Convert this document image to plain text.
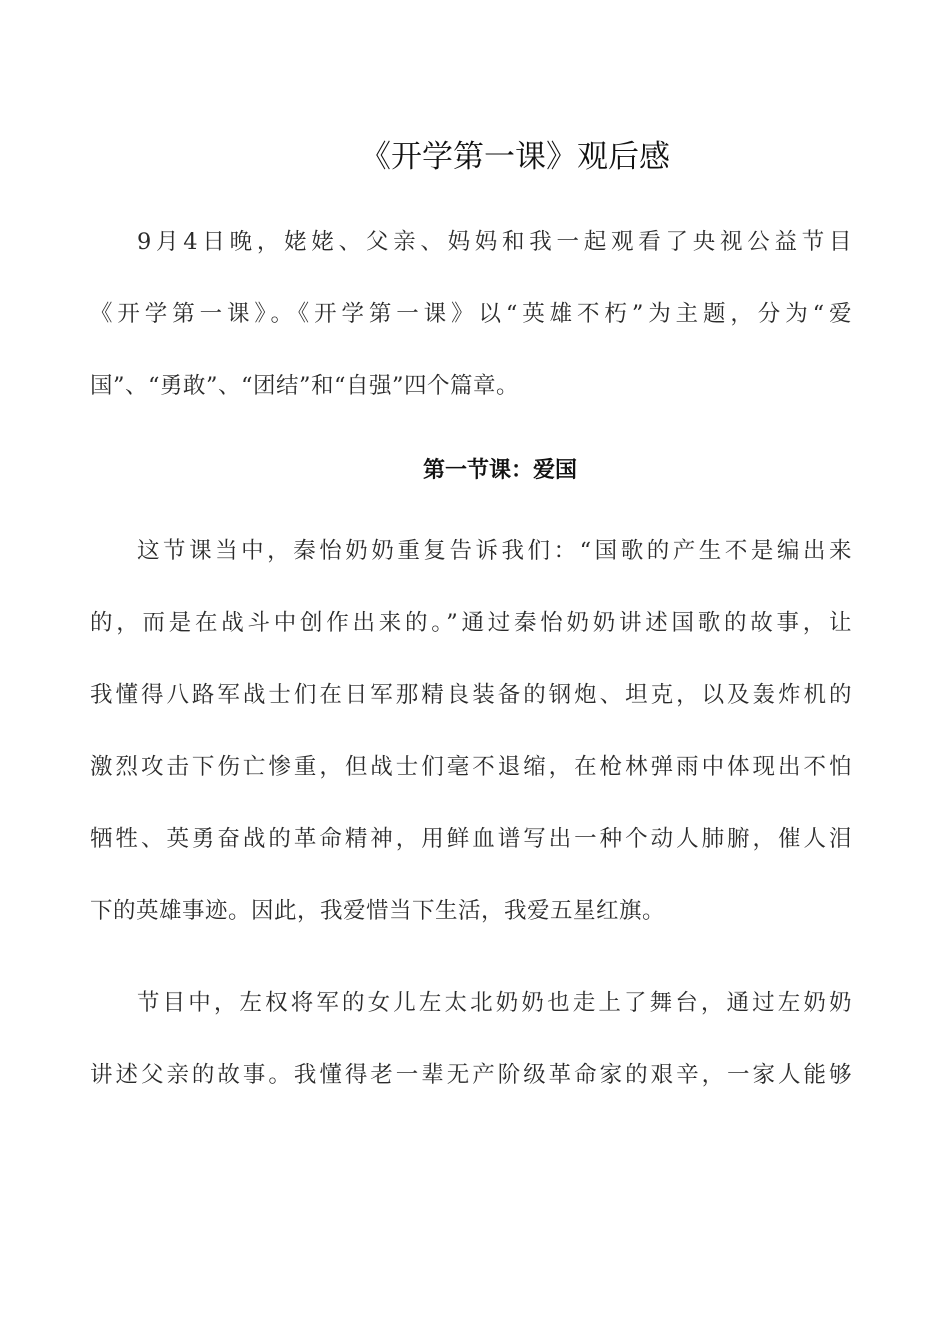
《开学第一课》观后感
9月4日晚，姥姥、父亲、妈妈和我一起观看了央视公益节目
《开学第一课》。《开学第一课》以“英雄不朽”为主题，分为“爱
国”、“勇敢”、“团结”和“自强”四个篇章。
第一节课：爱国
这节课当中，秦怡奶奶重复告诉我们：“国歌的产生不是编出来
的，而是在战斗中创作出来的。”通过秦怡奶奶讲述国歌的故事，让
我懂得八路军战士们在日军那精良装备的钢炮、坦克，以及轰炸机的
激烈攻击下伤亡惨重，但战士们毫不退缩，在枪林弹雨中体现出不怕
牺牲、英勇奋战的革命精神，用鲜血谱写出一种个动人肺腑，催人泪
下的英雄事迹。因此，我爱惜当下生活，我爱五星红旗。
节目中，左权将军的女儿左太北奶奶也走上了舞台，通过左奶奶
讲述父亲的故事。我懂得老一辈无产阶级革命家的艰辛，一家人能够
